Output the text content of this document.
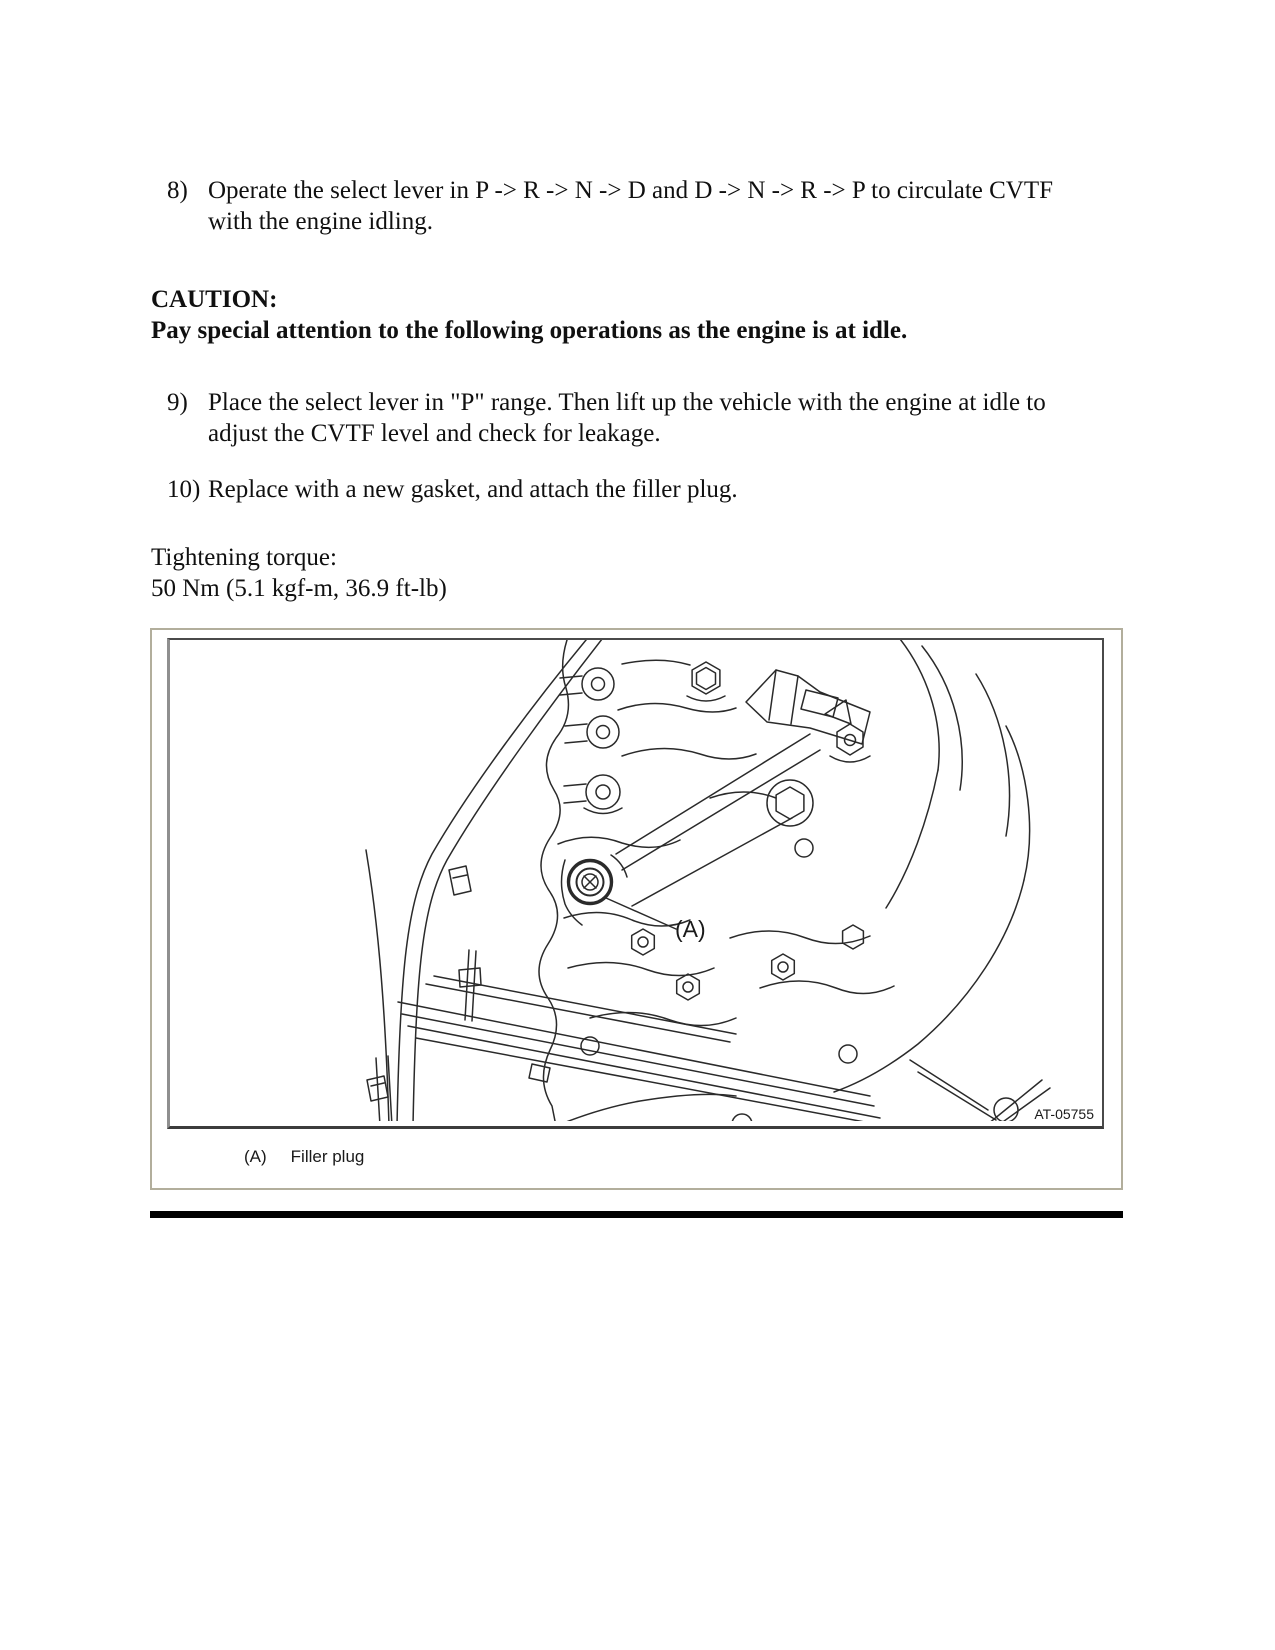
8) Operate the select lever in P -> R -> N -> D and D -> N -> R -> P to circulate CVTF with the engine idling.
CAUTION:
Pay special attention to the following operations as the engine is at idle.
9) Place the select lever in "P" range. Then lift up the vehicle with the engine at idle to adjust the CVTF level and check for leakage.
10) Replace with a new gasket, and attach the filler plug.
Tightening torque:
50 Nm (5.1 kgf-m, 36.9 ft-lb)
(A)
AT-05755
(A) Filler plug
